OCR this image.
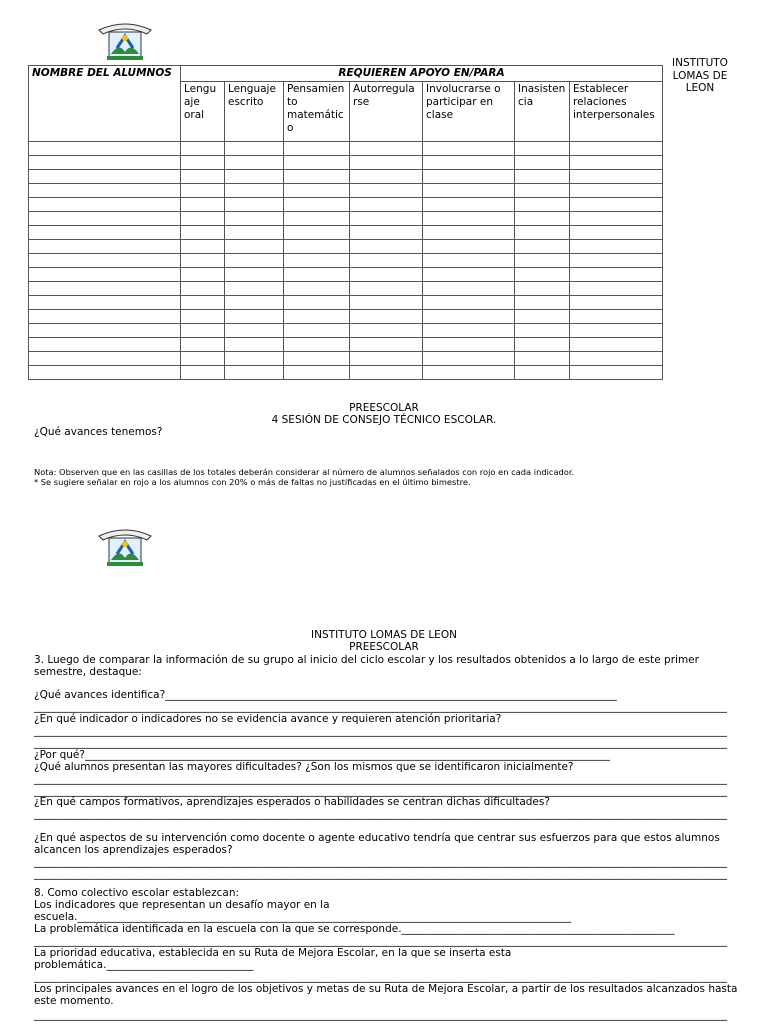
INSTITUTO LOMAS DE LEON
NOMBRE DEL ALUMNOS	REQUIEREN APOYO EN/PARA						
	Lengu aje oral	Lenguaje escrito	Pensamien to matemátic o	Autorregula rse	Involucrarse o participar en clase	Inasisten cia	Establecer relaciones interpersonales

PREESCOLAR
4 SESIÓN DE CONSEJO TÉCNICO ESCOLAR.
¿Qué avances tenemos?
Nota: Observen que en las casillas de los totales deberán considerar al número de alumnos señalados con rojo en cada indicador.
* Se sugiere señalar en rojo a los alumnos con 20% o más de faltas no justificadas en el último bimestre.
INSTITUTO LOMAS DE LEON
PREESCOLAR
3. Luego de comparar la información de su grupo al inicio del ciclo escolar y los resultados obtenidos a lo largo de este primer
semestre, destaque:
¿Qué avances identifica?______________________________________________________________________________________
____________________________________________________________________________________________________________________________________
¿En qué indicador o indicadores no se evidencia avance y requieren atención prioritaria?
____________________________________________________________________________________________________________________________________
____________________________________________________________________________________________________________________________________
¿Por qué?____________________________________________________________________________________________________
¿Qué alumnos presentan las mayores dificultades? ¿Son los mismos que se identificaron inicialmente?
____________________________________________________________________________________________________________________________________
____________________________________________________________________________________________________________________________________
¿En qué campos formativos, aprendizajes esperados o habilidades se centran dichas dificultades?
____________________________________________________________________________________________________________________________________
¿En qué aspectos de su intervención como docente o agente educativo tendría que centrar sus esfuerzos para que estos alumnos
alcancen los aprendizajes esperados?
____________________________________________________________________________________________________________________________________
____________________________________________________________________________________________________________________________________
8. Como colectivo escolar establezcan:
Los indicadores que representan un desafío mayor en la
escuela.______________________________________________________________________________________________
La problemática identificada en la escuela con la que se corresponde.____________________________________________________
____________________________________________________________________________________________________________________________________
La prioridad educativa, establecida en su Ruta de Mejora Escolar, en la que se inserta esta
problemática.____________________________
____________________________________________________________________________________________________________________________________
Los principales avances en el logro de los objetivos y metas de su Ruta de Mejora Escolar, a partir de los resultados alcanzados hasta
este momento.
____________________________________________________________________________________________________________________________________
